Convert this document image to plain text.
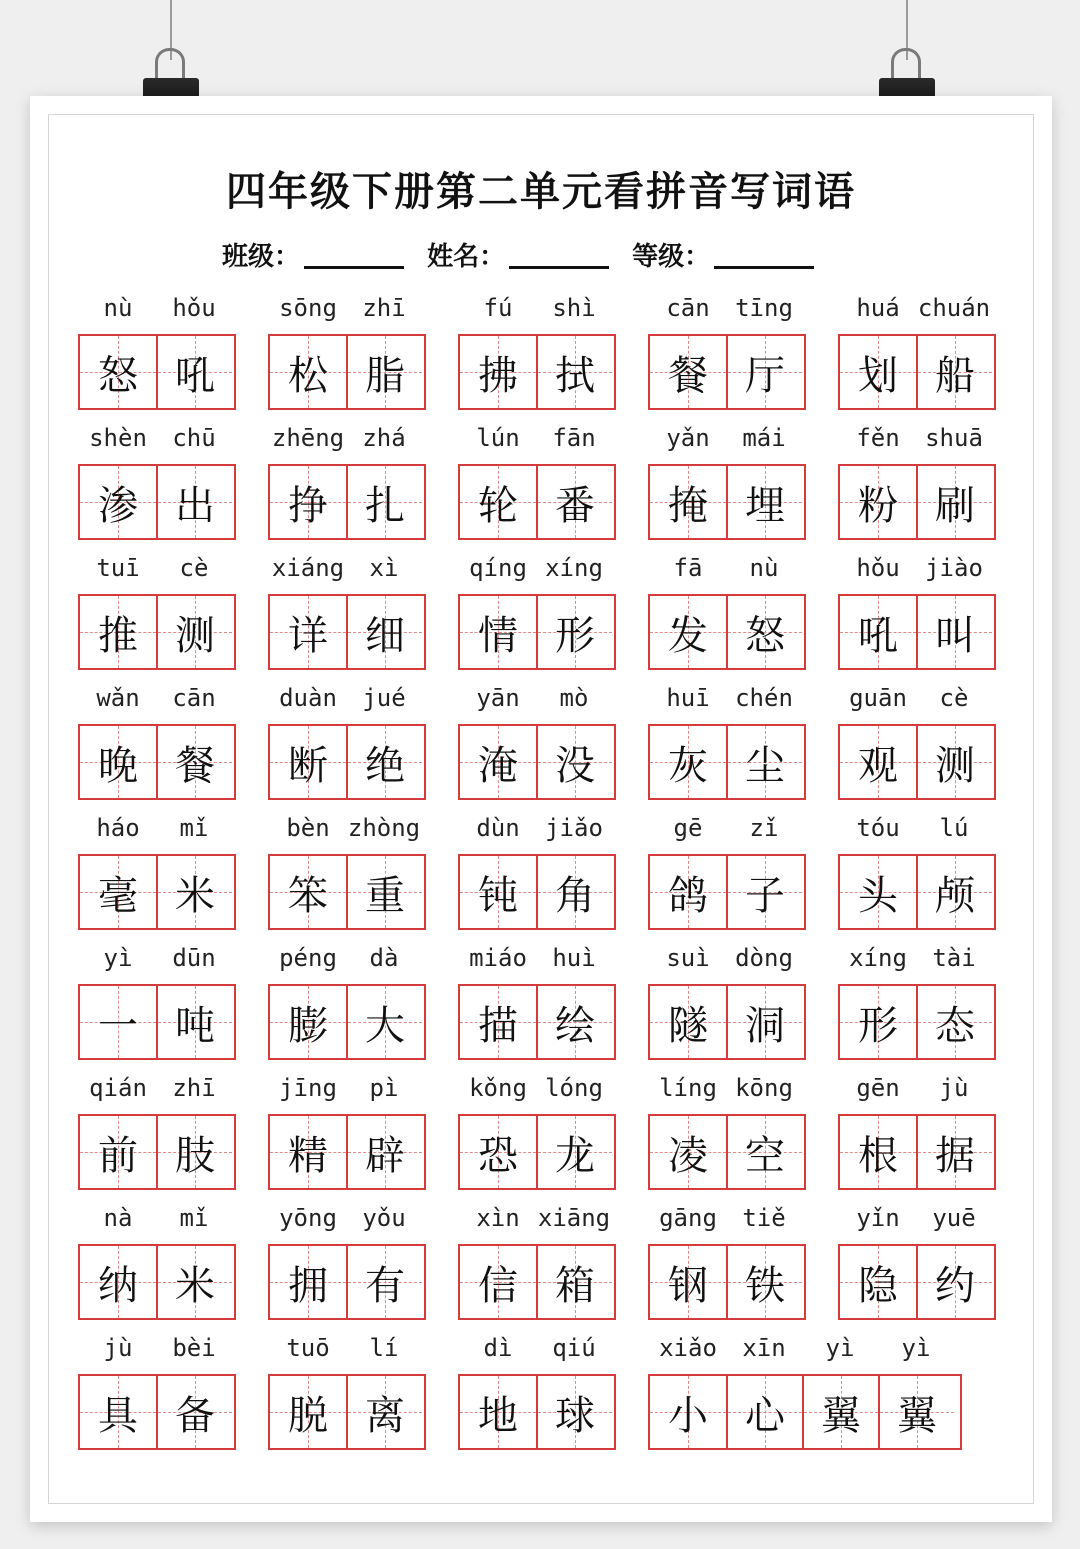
四年级下册第二单元看拼音写词语
班级：	姓名：	等级：
nù	hǒu
怒 吼
sōng	zhī
松 脂
fú	shì
拂 拭
cān	tīng
餐 厅
huá chuán
划 船
shèn	chū
渗 出
zhēng zhá
挣 扎
lún	fān
轮 番
yǎn	mái
掩 埋
fěn	shuā
粉 刷
tuī	cè
推 测
xiáng	xì
详 细
qíng xíng
情 形
fā	nù
发 怒
hǒu	jiào
吼 叫
wǎn	cān
晚 餐
duàn	jué
断 绝
yān	mò
淹 没
huī	chén
灰 尘
guān	cè
观 测
háo	mǐ
毫 米
bèn zhòng
笨 重
dùn	jiǎo
钝 角
gē	zǐ
鸽 子
tóu	lú
头 颅
yì	dūn
一 吨
péng	dà
膨 大
miáo	huì
描 绘
suì	dòng
隧 洞
xíng	tài
形 态
qián	zhī
前 肢
jīng	pì
精 辟
kǒng lóng
恐 龙
líng kōng
凌 空
gēn	jù
根 据
nà	mǐ
纳 米
yōng	yǒu
拥 有
xìn xiāng
信 箱
gāng	tiě
钢 铁
yǐn	yuē
隐 约
jù	bèi
具 备
tuō	lí
脱 离
dì	qiú
地 球
xiǎo	xīn	yì	yì
小 心 翼 翼
